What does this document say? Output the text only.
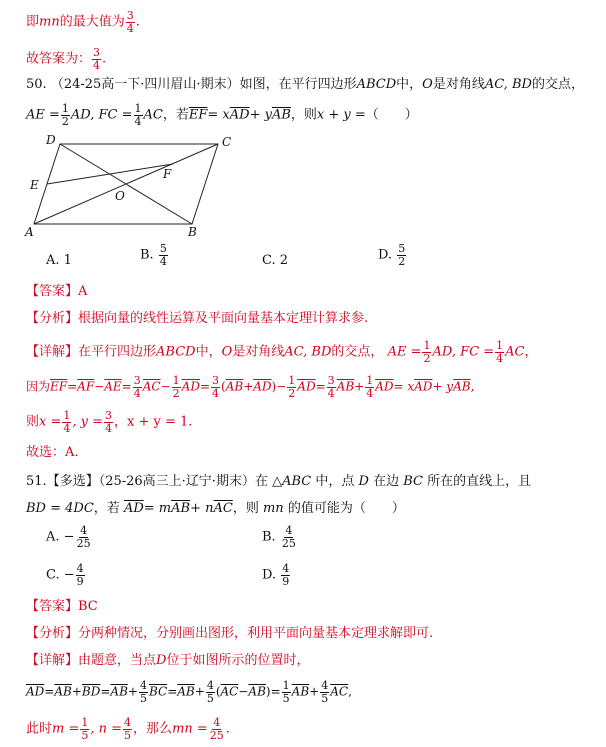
即mn的最大值为 $\frac{3}{4}$ .
故答案为： $\frac{3}{4}$ .
50. （24-25高一下·四川眉山·期末）如图，在平行四边形ABCD中，O是对角线AC, BD的交点，
AE = $\frac{1}{2}$ AD, FC = $\frac{1}{4}$ AC，若$\overline{EF}= x\overline{AD}+ y\overline{AB}$，则x + y =（　　）
D	C
E
F
O
A	B
A. 1	B. $\frac{5}{4}$	C. 2	D. $\frac{5}{2}$
【答案】A
【分析】根据向量的线性运算及平面向量基本定理计算求参.
【详解】在平行四边形ABCD中，O是对角线AC, BD的交点， AE = $\frac{1}{2}$ AD, FC = $\frac{1}{4}$ AC，
因为$\overline{EF}=\overline{AF}-\overline{AE}= \frac{3}{4} \overline{AC}- \frac{1}{2} \overline{AD}= \frac{3}{4} (\overline{AB}+\overline{AD})- \frac{1}{2} \overline{AD}= \frac{3}{4} \overline{AB}+ \frac{1}{4} \overline{AD}= x\overline{AD}+ y\overline{AB}$,
则$x = \frac{1}{4}$ , $y = \frac{3}{4}$ ，x + y = 1.
故选：A.
51.【多选】（25-26高三上·辽宁·期末）在 △ABC 中，点 D 在边 BC 所在的直线上，且
BD = 4DC，若 $\overline{AD}= m\overline{AB}+ n\overline{AC}$，则 mn 的值可能为（　　）
A. − $\frac{4}{25}$	B. $\frac{4}{25}$
C. − $\frac{4}{9}$	D. $\frac{4}{9}$
【答案】BC
【分析】分两种情况，分别画出图形，利用平面向量基本定理求解即可.
【详解】由题意，当点D位于如图所示的位置时，
$\overline{AD}=\overline{AB}+\overline{BD}=\overline{AB}+ \frac{4}{5} \overline{BC}=\overline{AB}+ \frac{4}{5} (\overline{AC}-\overline{AB})= \frac{1}{5} \overline{AB}+ \frac{4}{5} \overline{AC}$,
此时$m = \frac{1}{5}$ , $n = \frac{4}{5}$ ，那么mn = $\frac{4}{25}$ .
